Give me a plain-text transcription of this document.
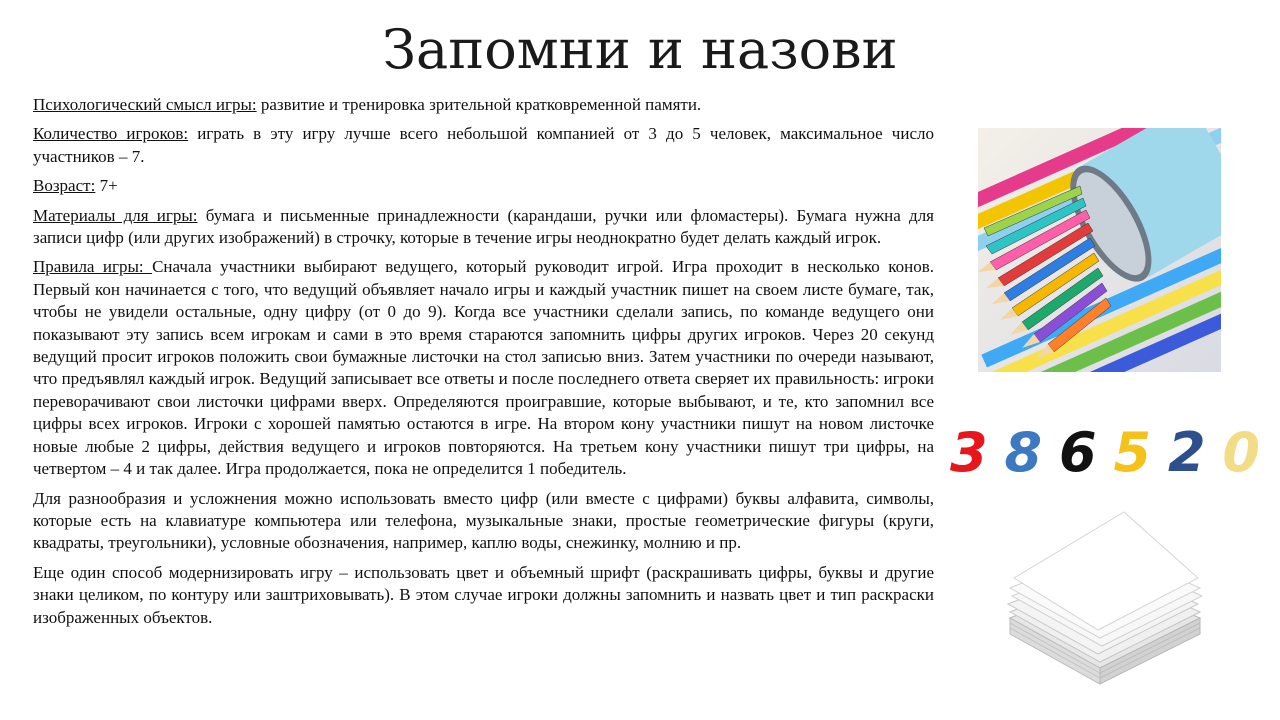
Запомни и назови

Психологический смысл игры: развитие и тренировка зрительной кратковременной памяти.

Количество игроков: играть в эту игру лучше всего небольшой компанией от 3 до 5 человек, максимальное число участников – 7.

Возраст: 7+

Материалы для игры: бумага и письменные принадлежности (карандаши, ручки или фломастеры). Бумага нужна для записи цифр (или других изображений) в строчку, которые в течение игры неоднократно будет делать каждый игрок.

Правила игры: Сначала участники выбирают ведущего, который руководит игрой. Игра проходит в несколько конов. Первый кон начинается с того, что ведущий объявляет начало игры и каждый участник пишет на своем листе бумаге, так, чтобы не увидели остальные, одну цифру (от 0 до 9). Когда все участники сделали запись, по команде ведущего они показывают эту запись всем игрокам и сами в это время стараются запомнить цифры других игроков. Через 20 секунд ведущий просит игроков положить свои бумажные листочки на стол записью вниз. Затем участники по очереди называют, что предъявлял каждый игрок. Ведущий записывает все ответы и после последнего ответа сверяет их правильность: игроки переворачивают свои листочки цифрами вверх. Определяются проигравшие, которые выбывают, и те, кто запомнил все цифры всех игроков. Игроки с хорошей памятью остаются в игре. На втором кону участники пишут на новом листочке новые любые 2 цифры, действия ведущего и игроков повторяются. На третьем кону участники пишут три цифры, на четвертом – 4 и так далее. Игра продолжается, пока не определится 1 победитель.

Для разнообразия и усложнения можно использовать вместо цифр (или вместе с цифрами) буквы алфавита, символы, которые есть на клавиатуре компьютера или телефона, музыкальные знаки, простые геометрические фигуры (круги, квадраты, треугольники), условные обозначения, например, каплю воды, снежинку, молнию и пр.

Еще один способ модернизировать игру – использовать цвет и объемный шрифт (раскрашивать цифры, буквы и другие знаки целиком, по контуру или заштриховывать). В этом случае игроки должны запомнить и назвать цвет и тип раскраски изображенных объектов.

3 8 6 5 2 0
